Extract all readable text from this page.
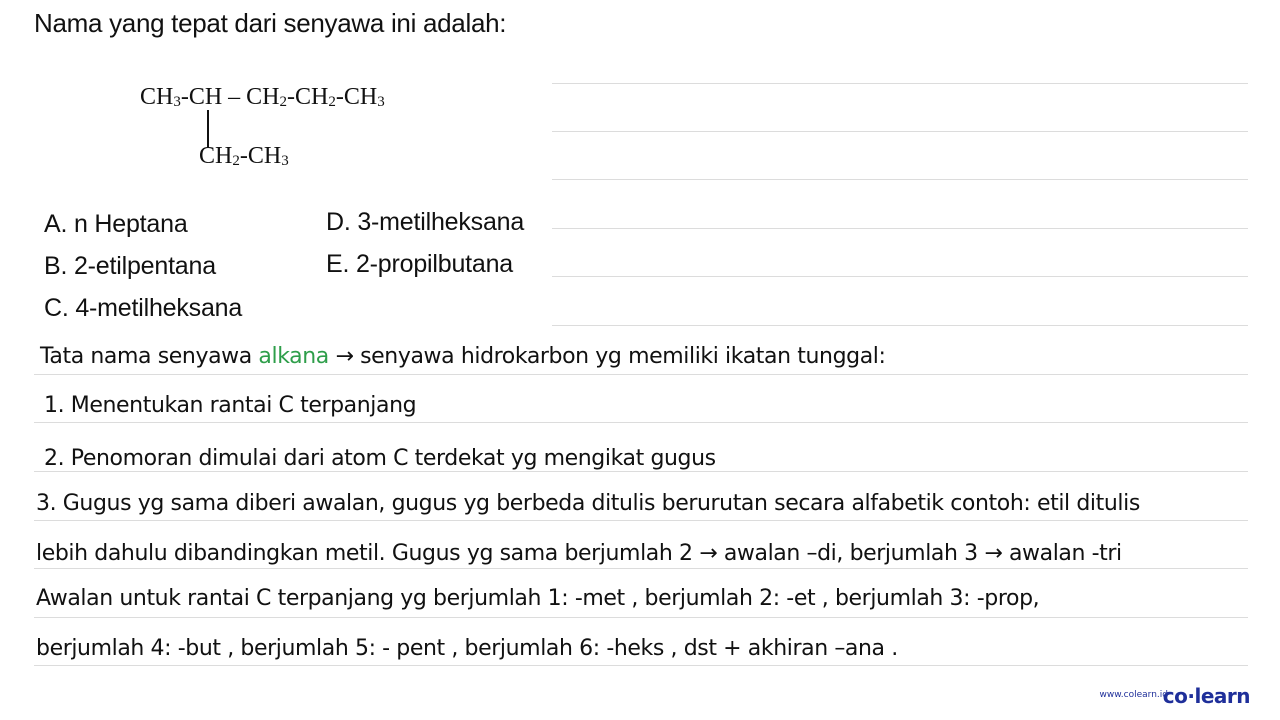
Nama yang tepat dari senyawa ini adalah:
$CH_3-CH - CH_2-CH_2-CH_3$
$CH_2-CH_3$
A. n Heptana
B. 2-etilpentana
C. 4-metilheksana
D. 3-metilheksana
E. 2-propilbutana
Tata nama senyawa alkana → senyawa hidrokarbon yg memiliki ikatan tunggal:
1. Menentukan rantai C terpanjang
2. Penomoran dimulai dari atom C terdekat yg mengikat gugus
3. Gugus yg sama diberi awalan, gugus yg berbeda ditulis berurutan secara alfabetik contoh: etil ditulis
lebih dahulu dibandingkan metil. Gugus yg sama berjumlah 2 → awalan –di, berjumlah 3 → awalan -tri
Awalan untuk rantai C terpanjang yg berjumlah 1: -met , berjumlah 2: -et , berjumlah 3: -prop,
berjumlah 4: -but , berjumlah 5: - pent , berjumlah 6: -heks , dst + akhiran –ana .
www.colearn.id
co·learn
